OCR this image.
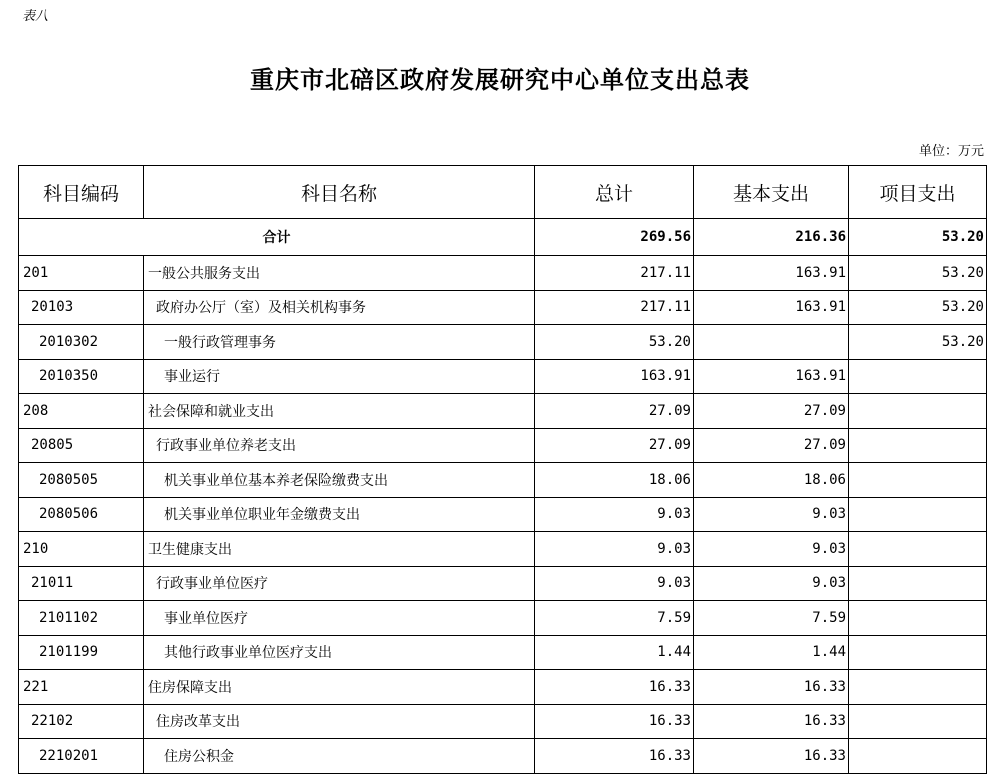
表八
重庆市北碚区政府发展研究中心单位支出总表
单位：万元
科目编码	科目名称	总计	基本支出	项目支出
合计		269.56	216.36	53.20
201	一般公共服务支出	217.11	163.91	53.20
20103	政府办公厅（室）及相关机构事务	217.11	163.91	53.20
2010302	一般行政管理事务	53.20		53.20
2010350	事业运行	163.91	163.91	
208	社会保障和就业支出	27.09	27.09	
20805	行政事业单位养老支出	27.09	27.09	
2080505	机关事业单位基本养老保险缴费支出	18.06	18.06	
2080506	机关事业单位职业年金缴费支出	9.03	9.03	
210	卫生健康支出	9.03	9.03	
21011	行政事业单位医疗	9.03	9.03	
2101102	事业单位医疗	7.59	7.59	
2101199	其他行政事业单位医疗支出	1.44	1.44	
221	住房保障支出	16.33	16.33	
22102	住房改革支出	16.33	16.33	
2210201	住房公积金	16.33	16.33	
